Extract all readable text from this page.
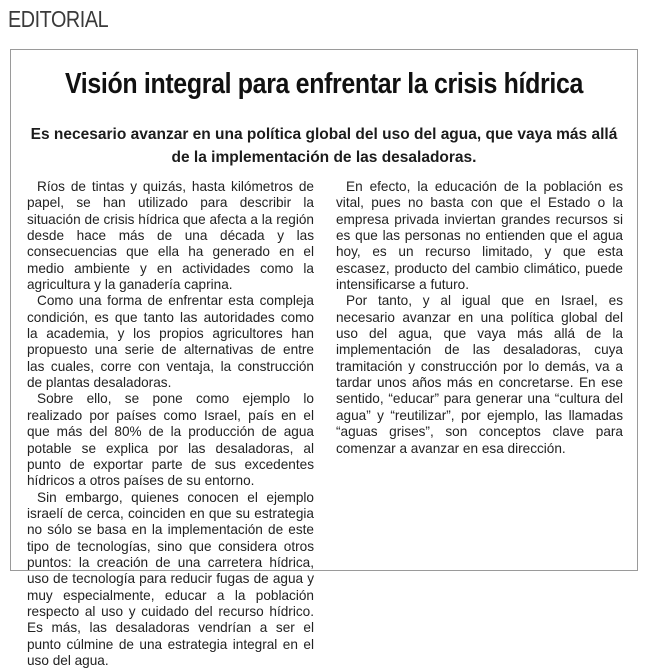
EDITORIAL
Visión integral para enfrentar la crisis hídrica
Es necesario avanzar en una política global del uso del agua, que vaya más allá de la implementación de las desaladoras.

Ríos de tintas y quizás, hasta kilómetros de papel, se han utilizado para describir la situación de crisis hídrica que afecta a la región desde hace más de una década y las consecuencias que ella ha generado en el medio ambiente y en actividades como la agricultura y la ganadería caprina.

Como una forma de enfrentar esta compleja condición, es que tanto las autoridades como la academia, y los propios agricultores han propuesto una serie de alternativas de entre las cuales, corre con ventaja, la construcción de plantas desaladoras.

Sobre ello, se pone como ejemplo lo realizado por países como Israel, país en el que más del 80% de la producción de agua potable se explica por las desaladoras, al punto de exportar parte de sus excedentes hídricos a otros países de su entorno.

Sin embargo, quienes conocen el ejemplo israelí de cerca, coinciden en que su estrategia no sólo se basa en la implementación de este tipo de tecnologías, sino que considera otros puntos: la creación de una carretera hídrica, uso de tecnología para reducir fugas de agua y muy especialmente, educar a la población respecto al uso y cuidado del recurso hídrico. Es más, las desaladoras vendrían a ser el punto cúlmine de una estrategia integral en el uso del agua.

En efecto, la educación de la población es vital, pues no basta con que el Estado o la empresa privada inviertan grandes recursos si es que las personas no entienden que el agua hoy, es un recurso limitado, y que esta escasez, producto del cambio climático, puede intensificarse a futuro.

Por tanto, y al igual que en Israel, es necesario avanzar en una política global del uso del agua, que vaya más allá de la implementación de las desaladoras, cuya tramitación y construcción por lo demás, va a tardar unos años más en concretarse. En ese sentido, “educar” para generar una “cultura del agua” y “reutilizar”, por ejemplo, las llamadas “aguas grises”, son conceptos clave para comenzar a avanzar en esa dirección.
